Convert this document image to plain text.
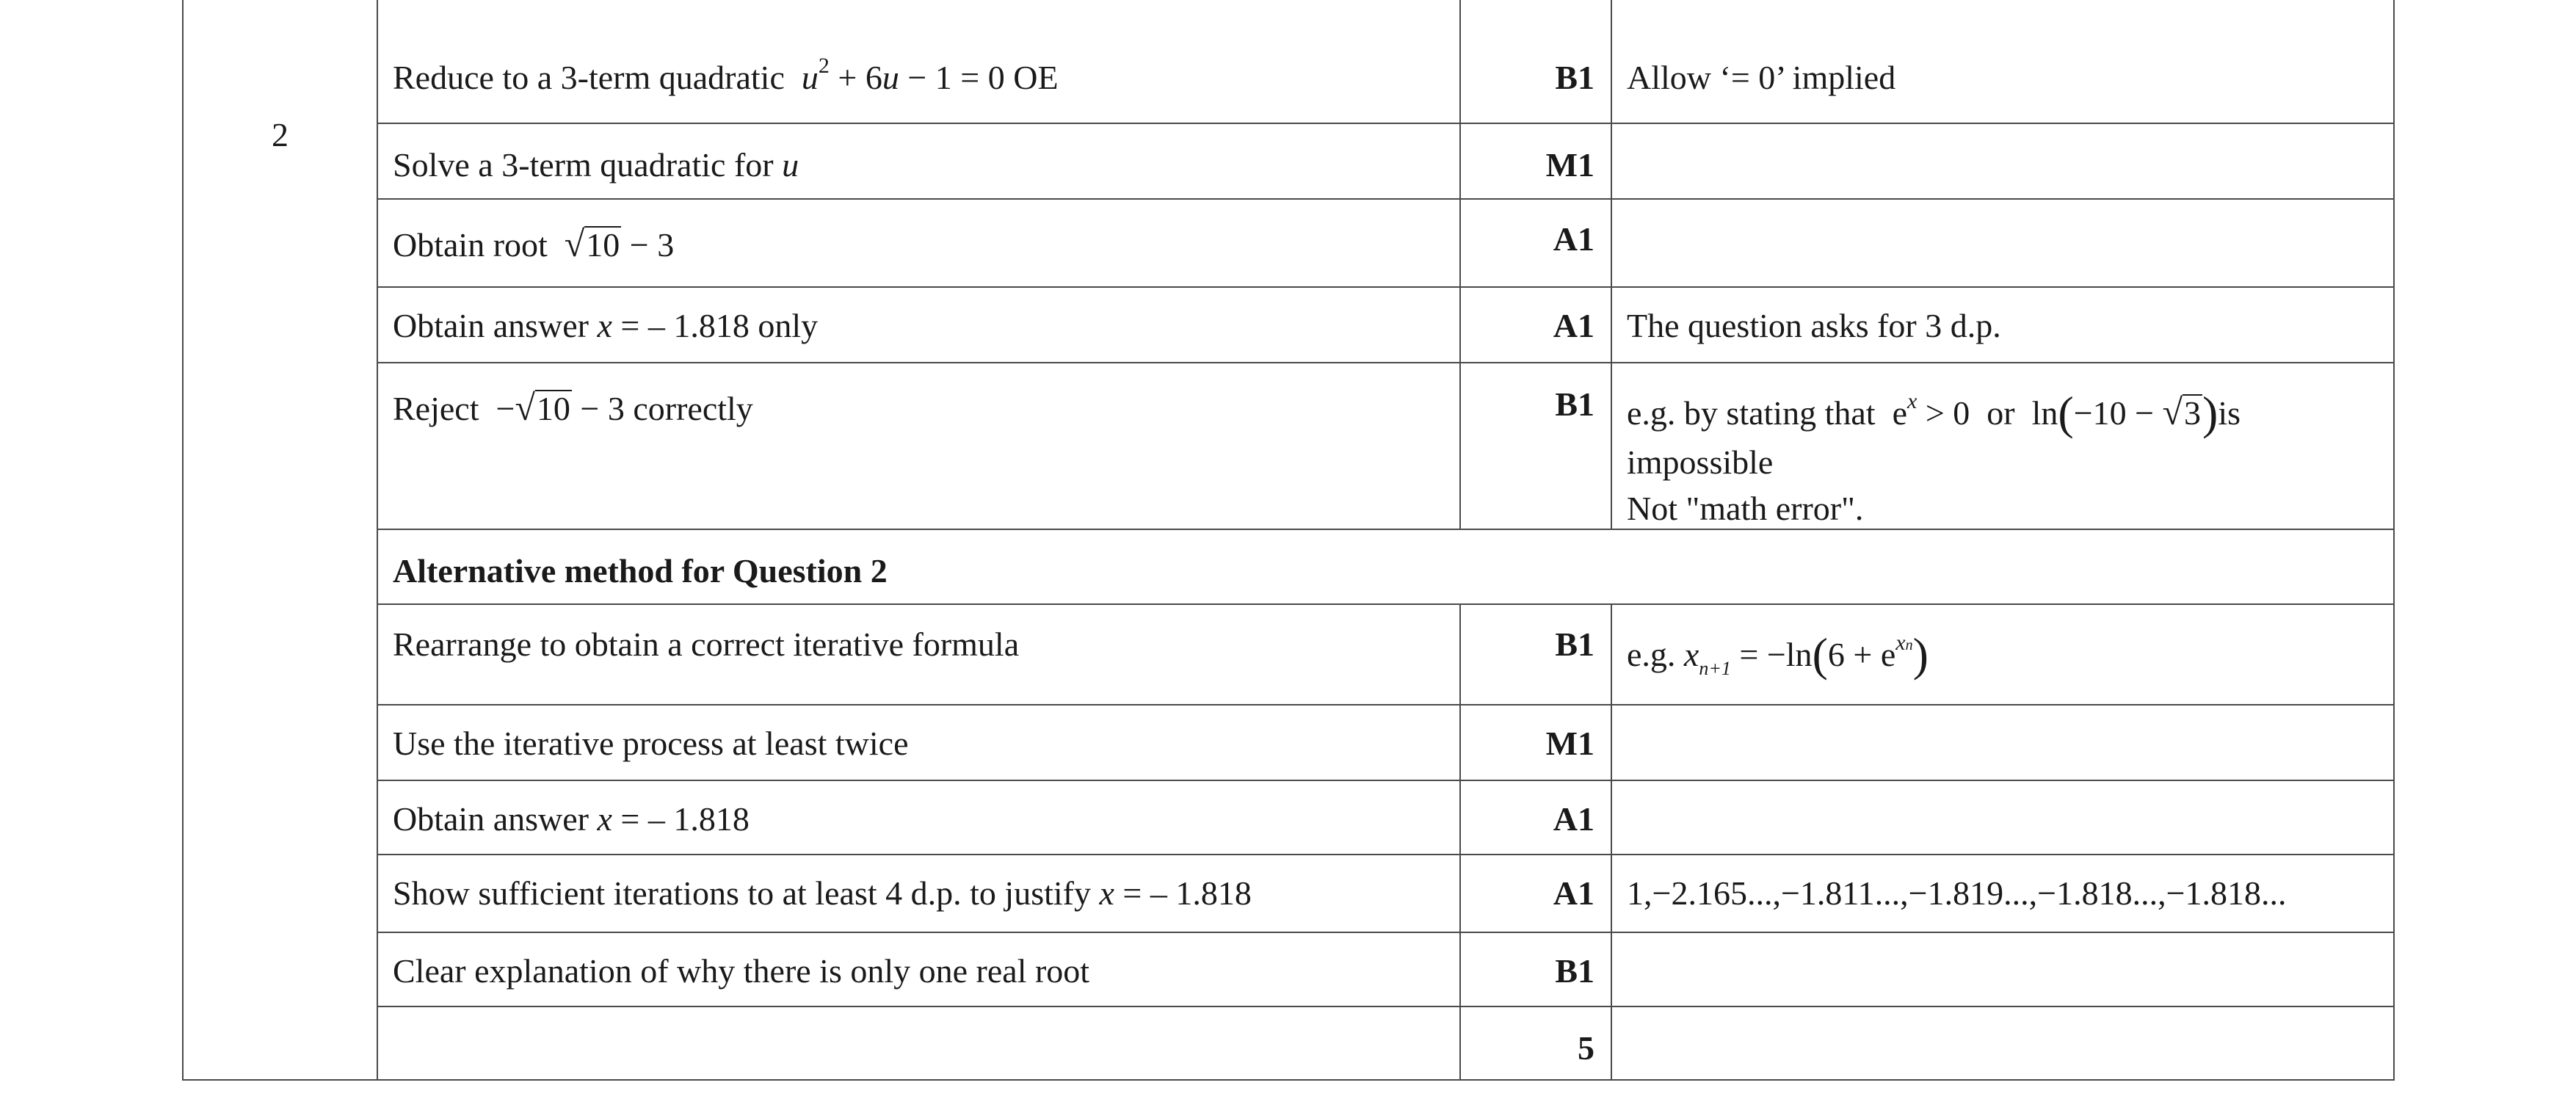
2	Reduce to a 3-term quadratic $u^2 + 6u - 1 = 0$ OE	B1	Allow ‘= 0’ implied

	Solve a 3-term quadratic for u	M1	

	Obtain root √10 − 3	A1	

	Obtain answer x = – 1.818 only	A1	The question asks for 3 d.p.

	Reject  −√10 − 3 correctly	B1	e.g. by stating that  $e^x > 0$  or  ln(−10 − √3)is impossible
Not "math error".

	Alternative method for Question 2		

	Rearrange to obtain a correct iterative formula	B1	e.g. $x_{n+1} = -\ln(6 + e^{xn})$

	Use the iterative process at least twice	M1	

	Obtain answer x = – 1.818	A1	

	Show sufficient iterations to at least 4 d.p. to justify x = – 1.818	A1	1,−2.165...,−1.811...,−1.819...,−1.818...,−1.818...

	Clear explanation of why there is only one real root	B1	

		5	
